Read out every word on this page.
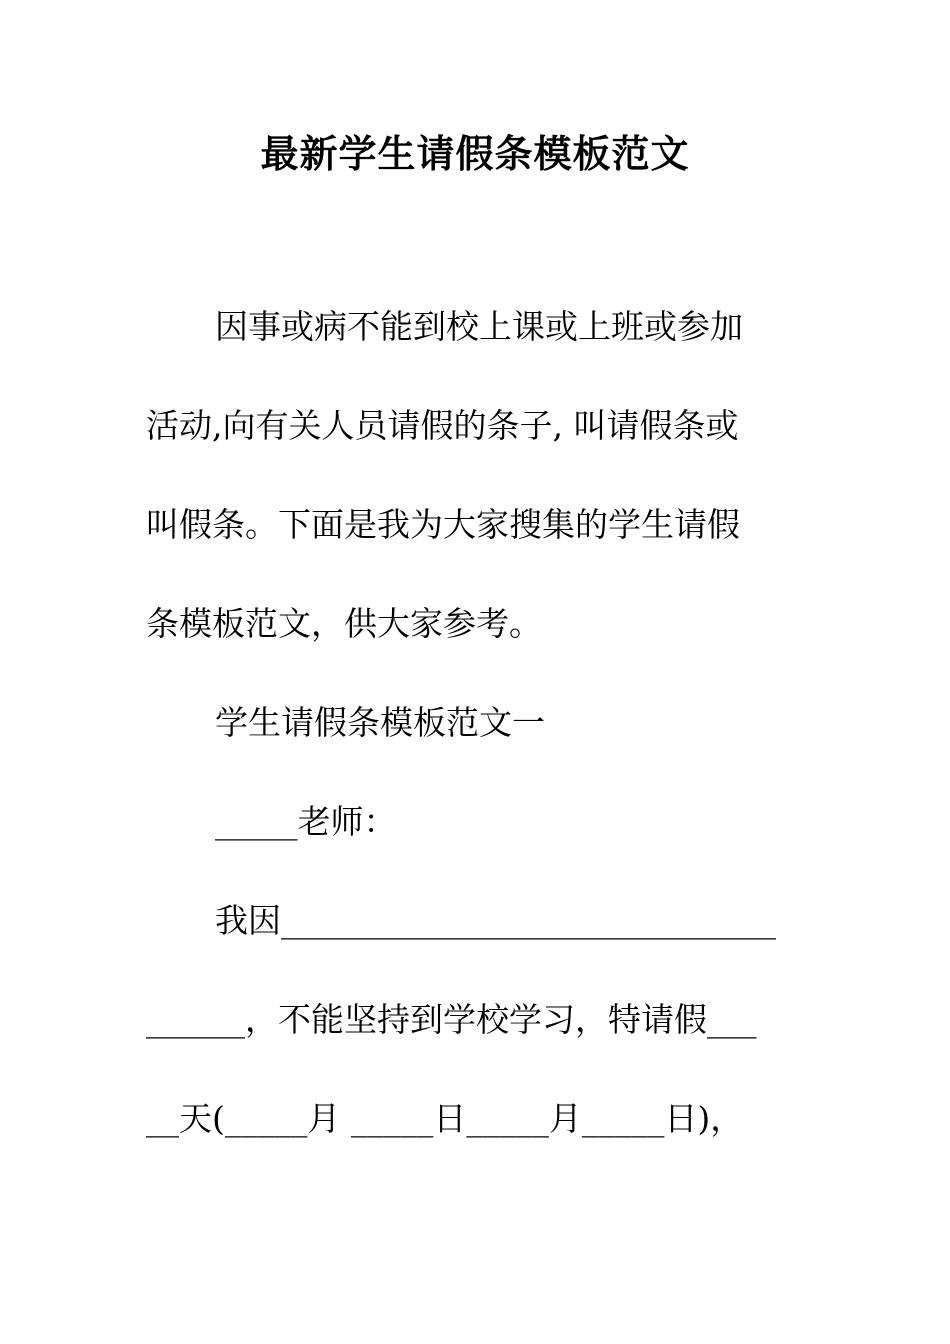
最新学生请假条模板范文
因事或病不能到校上课或上班或参加
活动,向有关人员请假的条子, 叫请假条或
叫假条。下面是我为大家搜集的学生请假
条模板范文，供大家参考。
学生请假条模板范文一
_____老师：
我因______________________________
______，不能坚持到学校学习，特请假___
__天(_____月 _____日_____月_____日)，
